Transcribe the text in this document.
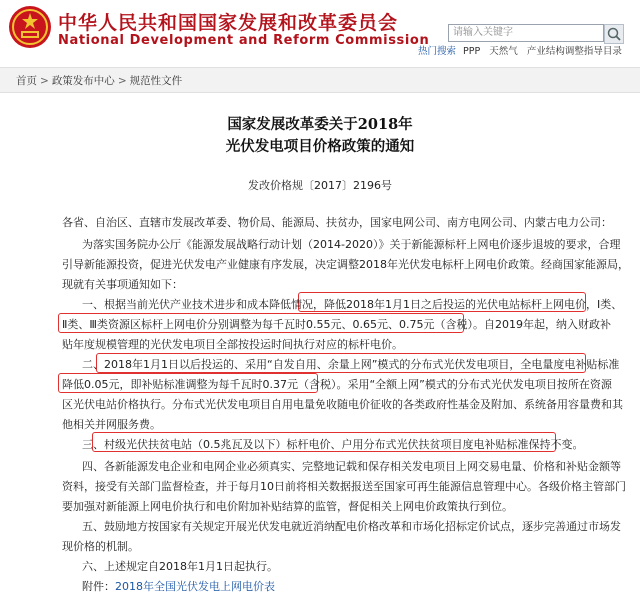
中华人民共和国国家发展和改革委员会
National Development and Reform Commission
请输入关键字
热门搜索 PPP 天然气 产业结构调整指导目录
首页 > 政策发布中心 > 规范性文件
国家发展改革委关于2018年
光伏发电项目价格政策的通知
发改价格规〔2017〕2196号
各省、自治区、直辖市发展改革委、物价局、能源局、扶贫办，国家电网公司、南方电网公司、内蒙古电力公司：
为落实国务院办公厅《能源发展战略行动计划（2014-2020）》关于新能源标杆上网电价逐步退坡的要求，合理
引导新能源投资，促进光伏发电产业健康有序发展，决定调整2018年光伏发电标杆上网电价政策。经商国家能源局，
现就有关事项通知如下：
一、根据当前光伏产业技术进步和成本降低情况，降低2018年1月1日之后投运的光伏电站标杆上网电价，Ⅰ类、
Ⅱ类、Ⅲ类资源区标杆上网电价分别调整为每千瓦时0.55元、0.65元、0.75元（含税）。自2019年起，纳入财政补
贴年度规模管理的光伏发电项目全部按投运时间执行对应的标杆电价。
二、2018年1月1日以后投运的、采用“自发自用、余量上网”模式的分布式光伏发电项目，全电量度电补贴标准
降低0.05元，即补贴标准调整为每千瓦时0.37元（含税）。采用“全额上网”模式的分布式光伏发电项目按所在资源
区光伏电站价格执行。分布式光伏发电项目自用电量免收随电价征收的各类政府性基金及附加、系统备用容量费和其
他相关并网服务费。
三、村级光伏扶贫电站（0.5兆瓦及以下）标杆电价、户用分布式光伏扶贫项目度电补贴标准保持不变。
四、各新能源发电企业和电网企业必须真实、完整地记载和保存相关发电项目上网交易电量、价格和补贴金额等
资料，接受有关部门监督检查，并于每月10日前将相关数据报送至国家可再生能源信息管理中心。各级价格主管部门
要加强对新能源上网电价执行和电价附加补贴结算的监管，督促相关上网电价政策执行到位。
五、鼓励地方按国家有关规定开展光伏发电就近消纳配电价格改革和市场化招标定价试点，逐步完善通过市场发
现价格的机制。
六、上述规定自2018年1月1日起执行。
附件：2018年全国光伏发电上网电价表
